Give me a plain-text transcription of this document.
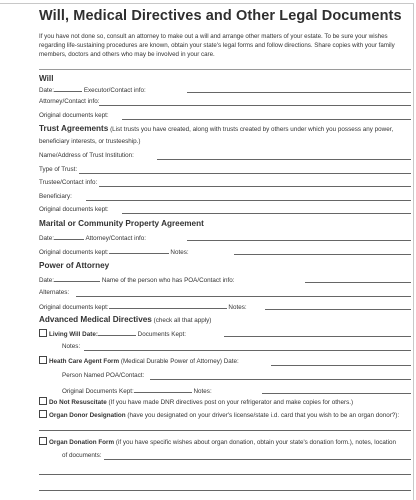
Will, Medical Directives and Other Legal Documents
If you have not done so, consult an attorney to make out a will and arrange other matters of your estate. To be sure your wishes regarding life-sustaining procedures are known, obtain your state's legal forms and follow directions. Share copies with your family members, doctors and others who may be involved in your care.
Will
Date:	Executor/Contact info:
Attorney/Contact info:
Original documents kept:
Trust Agreements (List trusts you have created, along with trusts created by others under which you possess any power,
beneficiary interests, or trusteeship.)
Name/Address of Trust Institution:
Type of Trust:
Trustee/Contact info:
Beneficiary:
Original documents kept:
Marital or Community Property Agreement
Date:	Attorney/Contact info:
Original documents kept:	Notes:
Power of Attorney
Date:	Name of the person who has POA/Contact info:
Alternates:
Original documents kept:	Notes:
Advanced Medical Directives (check all that apply)
Living Will Date:	Documents Kept:
Notes:
Heath Care Agent Form (Medical Durable Power of Attorney) Date:
Person Named POA/Contact:
Original Documents Kept:	Notes:
Do Not Resuscitate (If you have made DNR directives post on your refrigerator and make copies for others.)
Organ Donor Designation (have you designated on your driver's license/state i.d. card that you wish to be an organ donor?):
Organ Donation Form (if you have specific wishes about organ donation, obtain your state's donation form.), notes, location
of documents:
